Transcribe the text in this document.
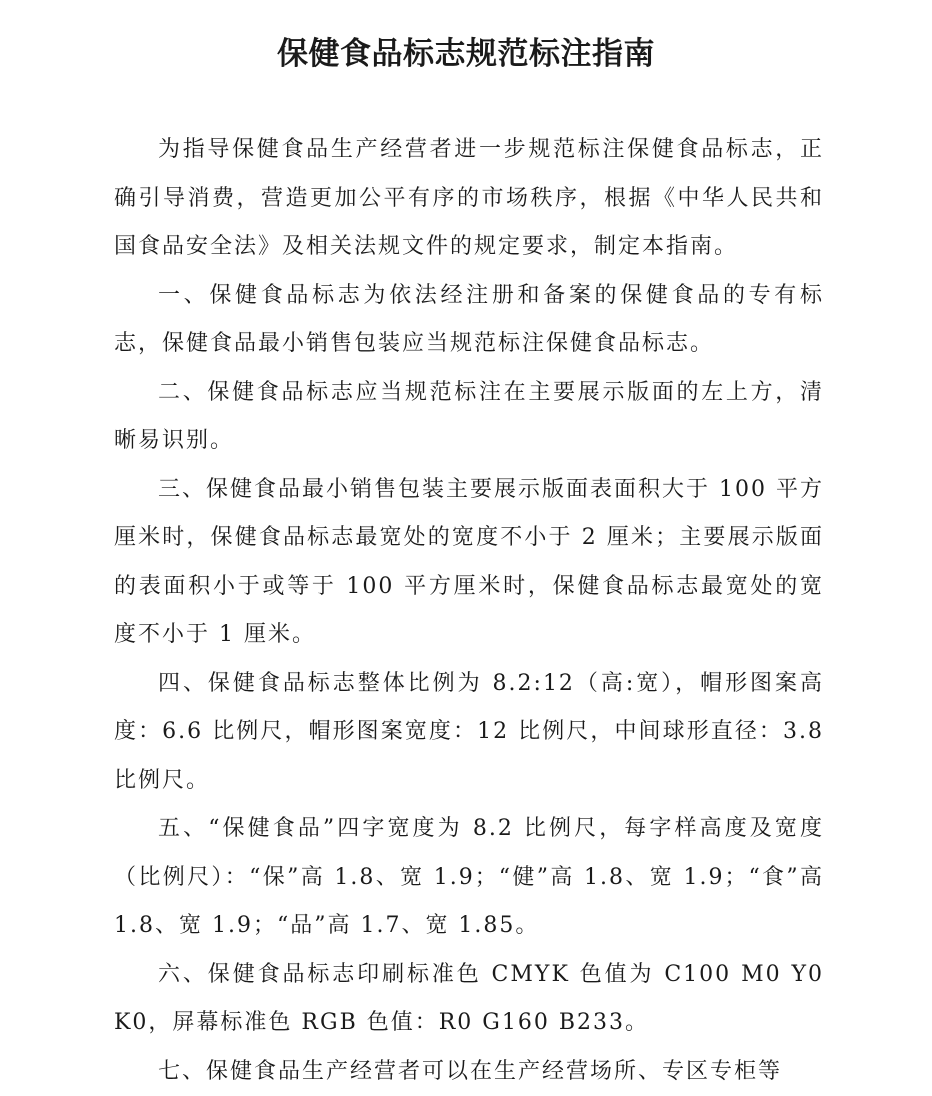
保健食品标志规范标注指南

为指导保健食品生产经营者进一步规范标注保健食品标志，正确引导消费，营造更加公平有序的市场秩序，根据《中华人民共和国食品安全法》及相关法规文件的规定要求，制定本指南。

一、保健食品标志为依法经注册和备案的保健食品的专有标志，保健食品最小销售包装应当规范标注保健食品标志。

二、保健食品标志应当规范标注在主要展示版面的左上方，清晰易识别。

三、保健食品最小销售包装主要展示版面表面积大于 100 平方厘米时，保健食品标志最宽处的宽度不小于 2 厘米；主要展示版面的表面积小于或等于 100 平方厘米时，保健食品标志最宽处的宽度不小于 1 厘米。

四、保健食品标志整体比例为 8.2:12（高:宽），帽形图案高度：6.6 比例尺，帽形图案宽度：12 比例尺，中间球形直径：3.8 比例尺。

五、“保健食品”四字宽度为 8.2 比例尺，每字样高度及宽度（比例尺）：“保”高 1.8、宽 1.9；“健”高 1.8、宽 1.9；“食”高 1.8、宽 1.9；“品”高 1.7、宽 1.85。

六、保健食品标志印刷标准色 CMYK 色值为 C100 M0 Y0 K0，屏幕标准色 RGB 色值：R0 G160 B233。

七、保健食品生产经营者可以在生产经营场所、专区专柜等
